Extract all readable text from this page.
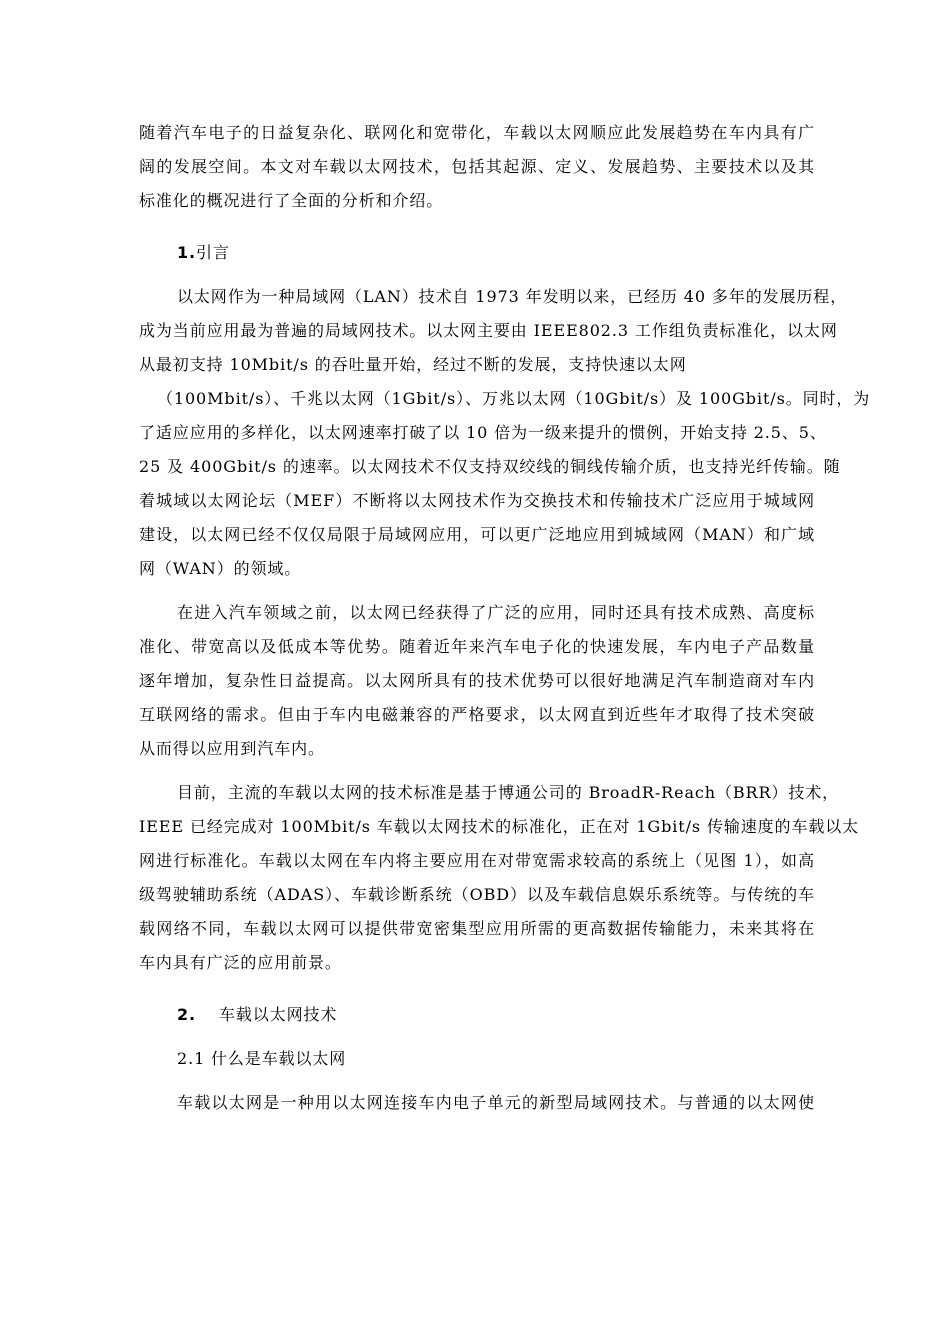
随着汽车电子的日益复杂化、联网化和宽带化，车载以太网顺应此发展趋势在车内具有广
阔的发展空间。本文对车载以太网技术，包括其起源、定义、发展趋势、主要技术以及其
标准化的概况进行了全面的分析和介绍。
1.引言
以太网作为一种局域网（LAN）技术自 1973 年发明以来，已经历 40 多年的发展历程，
成为当前应用最为普遍的局域网技术。以太网主要由 IEEE802.3 工作组负责标准化，以太网
从最初支持 10Mbit/s 的吞吐量开始，经过不断的发展，支持快速以太网
（100Mbit/s）、千兆以太网（1Gbit/s）、万兆以太网（10Gbit/s）及 100Gbit/s。同时，为
了适应应用的多样化，以太网速率打破了以 10 倍为一级来提升的惯例，开始支持 2.5、5、
25 及 400Gbit/s 的速率。以太网技术不仅支持双绞线的铜线传输介质，也支持光纤传输。随
着城域以太网论坛（MEF）不断将以太网技术作为交换技术和传输技术广泛应用于城域网
建设，以太网已经不仅仅局限于局域网应用，可以更广泛地应用到城域网（MAN）和广域
网（WAN）的领域。
在进入汽车领域之前，以太网已经获得了广泛的应用，同时还具有技术成熟、高度标
准化、带宽高以及低成本等优势。随着近年来汽车电子化的快速发展，车内电子产品数量
逐年增加，复杂性日益提高。以太网所具有的技术优势可以很好地满足汽车制造商对车内
互联网络的需求。但由于车内电磁兼容的严格要求，以太网直到近些年才取得了技术突破
从而得以应用到汽车内。
目前，主流的车载以太网的技术标准是基于博通公司的 BroadR-Reach（BRR）技术，
IEEE 已经完成对 100Mbit/s 车载以太网技术的标准化，正在对 1Gbit/s 传输速度的车载以太
网进行标准化。车载以太网在车内将主要应用在对带宽需求较高的系统上（见图 1），如高
级驾驶辅助系统（ADAS）、车载诊断系统（OBD）以及车载信息娱乐系统等。与传统的车
载网络不同，车载以太网可以提供带宽密集型应用所需的更高数据传输能力，未来其将在
车内具有广泛的应用前景。
2. 车载以太网技术
2.1 什么是车载以太网
车载以太网是一种用以太网连接车内电子单元的新型局域网技术。与普通的以太网使
